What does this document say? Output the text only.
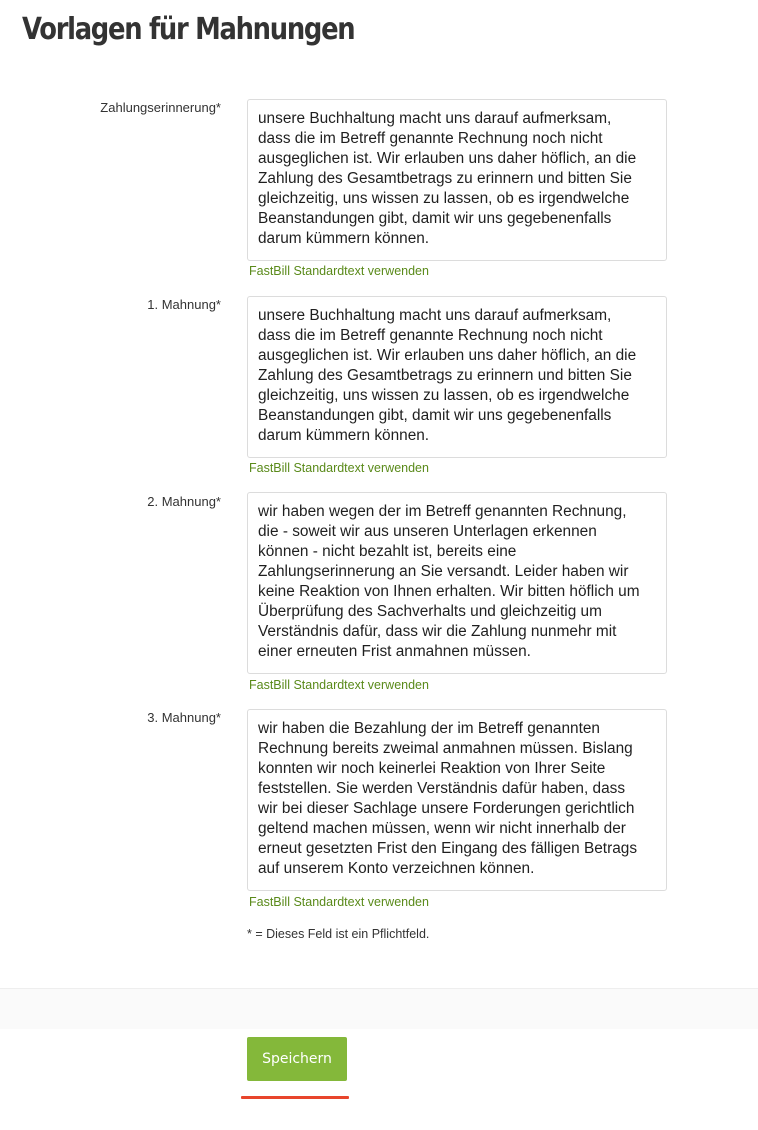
Vorlagen für Mahnungen
Zahlungserinnerung*
unsere Buchhaltung macht uns darauf aufmerksam,
dass die im Betreff genannte Rechnung noch nicht
ausgeglichen ist. Wir erlauben uns daher höflich, an die
Zahlung des Gesamtbetrags zu erinnern und bitten Sie
gleichzeitig, uns wissen zu lassen, ob es irgendwelche
Beanstandungen gibt, damit wir uns gegebenenfalls
darum kümmern können.
FastBill Standardtext verwenden
1. Mahnung*
unsere Buchhaltung macht uns darauf aufmerksam,
dass die im Betreff genannte Rechnung noch nicht
ausgeglichen ist. Wir erlauben uns daher höflich, an die
Zahlung des Gesamtbetrags zu erinnern und bitten Sie
gleichzeitig, uns wissen zu lassen, ob es irgendwelche
Beanstandungen gibt, damit wir uns gegebenenfalls
darum kümmern können.
FastBill Standardtext verwenden
2. Mahnung*
wir haben wegen der im Betreff genannten Rechnung,
die - soweit wir aus unseren Unterlagen erkennen
können - nicht bezahlt ist, bereits eine
Zahlungserinnerung an Sie versandt. Leider haben wir
keine Reaktion von Ihnen erhalten. Wir bitten höflich um
Überprüfung des Sachverhalts und gleichzeitig um
Verständnis dafür, dass wir die Zahlung nunmehr mit
einer erneuten Frist anmahnen müssen.
FastBill Standardtext verwenden
3. Mahnung*
wir haben die Bezahlung der im Betreff genannten
Rechnung bereits zweimal anmahnen müssen. Bislang
konnten wir noch keinerlei Reaktion von Ihrer Seite
feststellen. Sie werden Verständnis dafür haben, dass
wir bei dieser Sachlage unsere Forderungen gerichtlich
geltend machen müssen, wenn wir nicht innerhalb der
erneut gesetzten Frist den Eingang des fälligen Betrags
auf unserem Konto verzeichnen können.
FastBill Standardtext verwenden
* = Dieses Feld ist ein Pflichtfeld.
Speichern
